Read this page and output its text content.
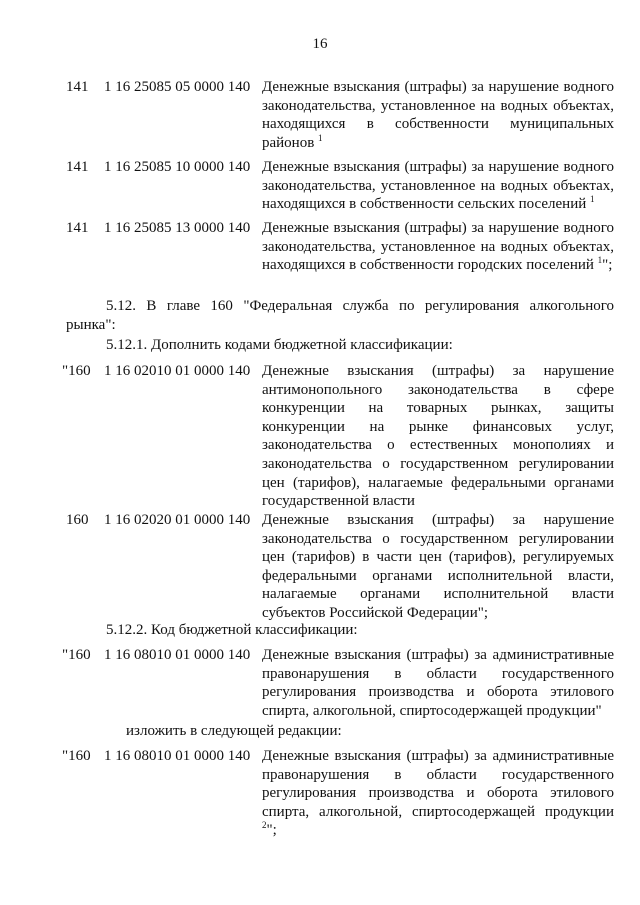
16
141 1 16 25085 05 0000 140 Денежные взыскания (штрафы) за нарушение водного законодательства, установленное на водных объектах, находящихся в собственности муниципальных районов $^1$
141 1 16 25085 10 0000 140 Денежные взыскания (штрафы) за нарушение водного законодательства, установленное на водных объектах, находящихся в собственности сельских поселений $^1$
141 1 16 25085 13 0000 140 Денежные взыскания (штрафы) за нарушение водного законодательства, установленное на водных объектах, находящихся в собственности городских поселений $^1$";
5.12. В главе 160 "Федеральная служба по регулирования алкогольного рынка":
5.12.1. Дополнить кодами бюджетной классификации:
"160 1 16 02010 01 0000 140 Денежные взыскания (штрафы) за нарушение антимонопольного законодательства в сфере конкуренции на товарных рынках, защиты конкуренции на рынке финансовых услуг, законодательства о естественных монополиях и законодательства о государственном регулировании цен (тарифов), налагаемые федеральными органами государственной власти
160 1 16 02020 01 0000 140 Денежные взыскания (штрафы) за нарушение законодательства о государственном регулировании цен (тарифов) в части цен (тарифов), регулируемых федеральными органами исполнительной власти, налагаемые органами исполнительной власти субъектов Российской Федерации";
5.12.2. Код бюджетной классификации:
"160 1 16 08010 01 0000 140 Денежные взыскания (штрафы) за административные правонарушения в области государственного регулирования производства и оборота этилового спирта, алкогольной, спиртосодержащей продукции"
изложить в следующей редакции:
"160 1 16 08010 01 0000 140 Денежные взыскания (штрафы) за административные правонарушения в области государственного регулирования производства и оборота этилового спирта, алкогольной, спиртосодержащей продукции $^2$";
